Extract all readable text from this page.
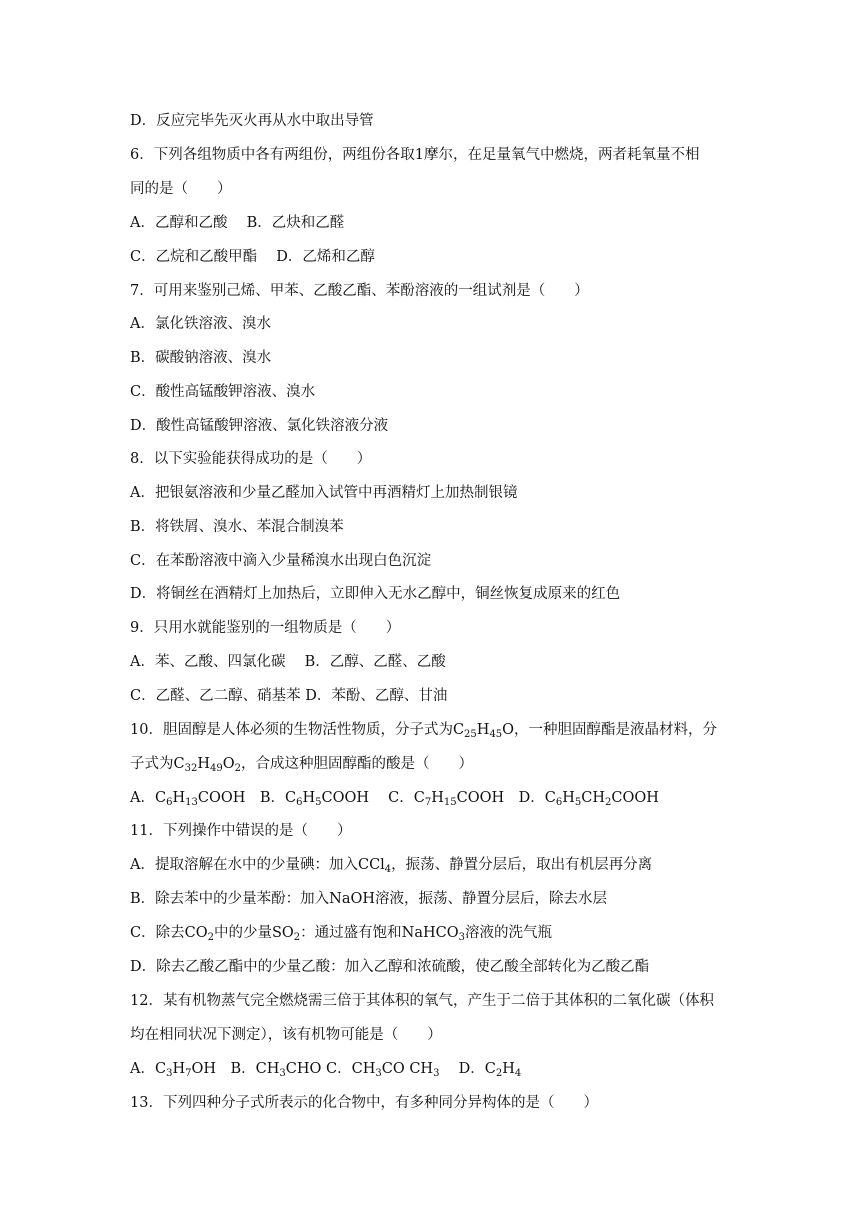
D．反应完毕先灭火再从水中取出导管
6．下列各组物质中各有两组份，两组份各取1摩尔，在足量氧气中燃烧，两者耗氧量不相
同的是（　　）
A．乙醇和乙酸　 B．乙炔和乙醛
C．乙烷和乙酸甲酯　 D．乙烯和乙醇
7．可用来鉴别己烯、甲苯、乙酸乙酯、苯酚溶液的一组试剂是（　　）
A．氯化铁溶液、溴水
B．碳酸钠溶液、溴水
C．酸性高锰酸钾溶液、溴水
D．酸性高锰酸钾溶液、氯化铁溶液分液
8．以下实验能获得成功的是（　　）
A．把银氨溶液和少量乙醛加入试管中再酒精灯上加热制银镜
B．将铁屑、溴水、苯混合制溴苯
C．在苯酚溶液中滴入少量稀溴水出现白色沉淀
D．将铜丝在酒精灯上加热后，立即伸入无水乙醇中，铜丝恢复成原来的红色
9．只用水就能鉴别的一组物质是（　　）
A．苯、乙酸、四氯化碳　 B．乙醇、乙醛、乙酸
C．乙醛、乙二醇、硝基苯 D．苯酚、乙醇、甘油
10．胆固醇是人体必须的生物活性物质，分子式为$C_{25}H_{45}O$，一种胆固醇酯是液晶材料，分
子式为$C_{32}H_{49}O_2$，合成这种胆固醇酯的酸是（　　）
A．$C_6H_{13}COOH$　B．$C_6H_5COOH$　 C．$C_7H_{15}COOH$　D．$C_6H_5CH_2COOH$
11．下列操作中错误的是（　　）
A．提取溶解在水中的少量碘：加入CCl$_4$，振荡、静置分层后，取出有机层再分离
B．除去苯中的少量苯酚：加入NaOH溶液，振荡、静置分层后，除去水层
C．除去$CO_2$中的少量$SO_2$：通过盛有饱和NaHCO$_3$溶液的洗气瓶
D．除去乙酸乙酯中的少量乙酸：加入乙醇和浓硫酸，使乙酸全部转化为乙酸乙酯
12．某有机物蒸气完全燃烧需三倍于其体积的氧气，产生于二倍于其体积的二氧化碳（体积
均在相同状况下测定），该有机物可能是（　　）
A．$C_3H_7OH$　B．$CH_3CHO$ C．$CH_3CO$ $CH_3$　 D．$C_2H_4$
13．下列四种分子式所表示的化合物中，有多种同分异构体的是（　　）
